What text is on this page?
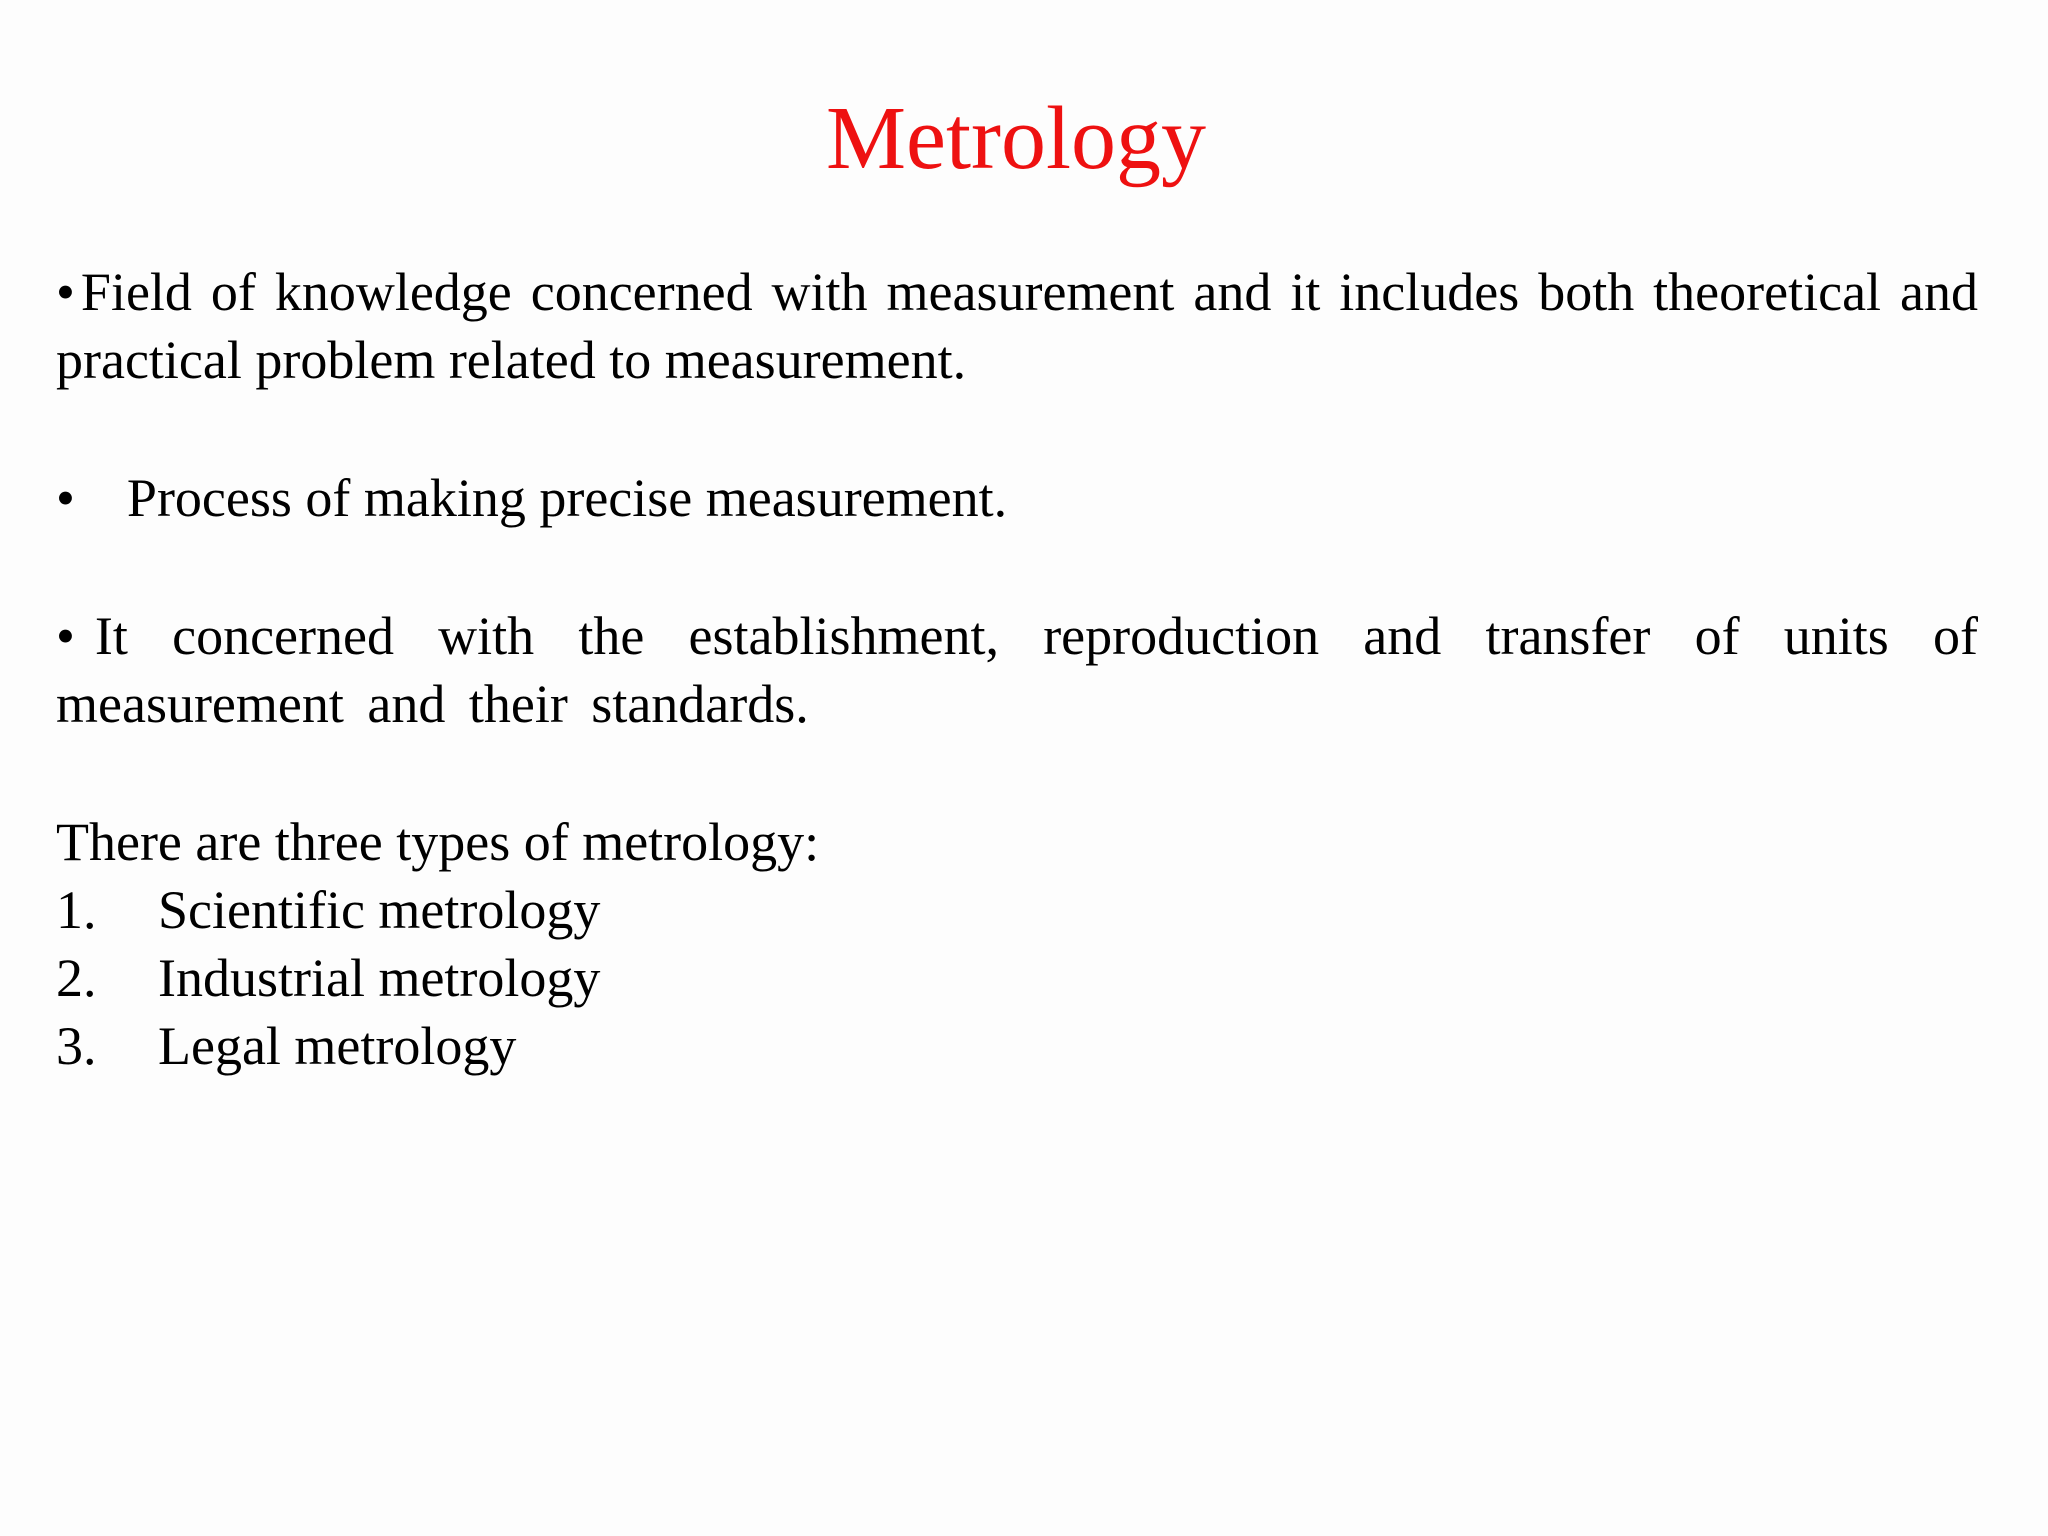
Metrology

• Field of knowledge concerned with measurement and it includes both theoretical and practical problem related to measurement.

• Process of making precise measurement.

• It concerned with the establishment, reproduction and transfer of units of measurement and their standards.

There are three types of metrology:

1.	Scientific metrology
2.	Industrial metrology
3.	Legal metrology
